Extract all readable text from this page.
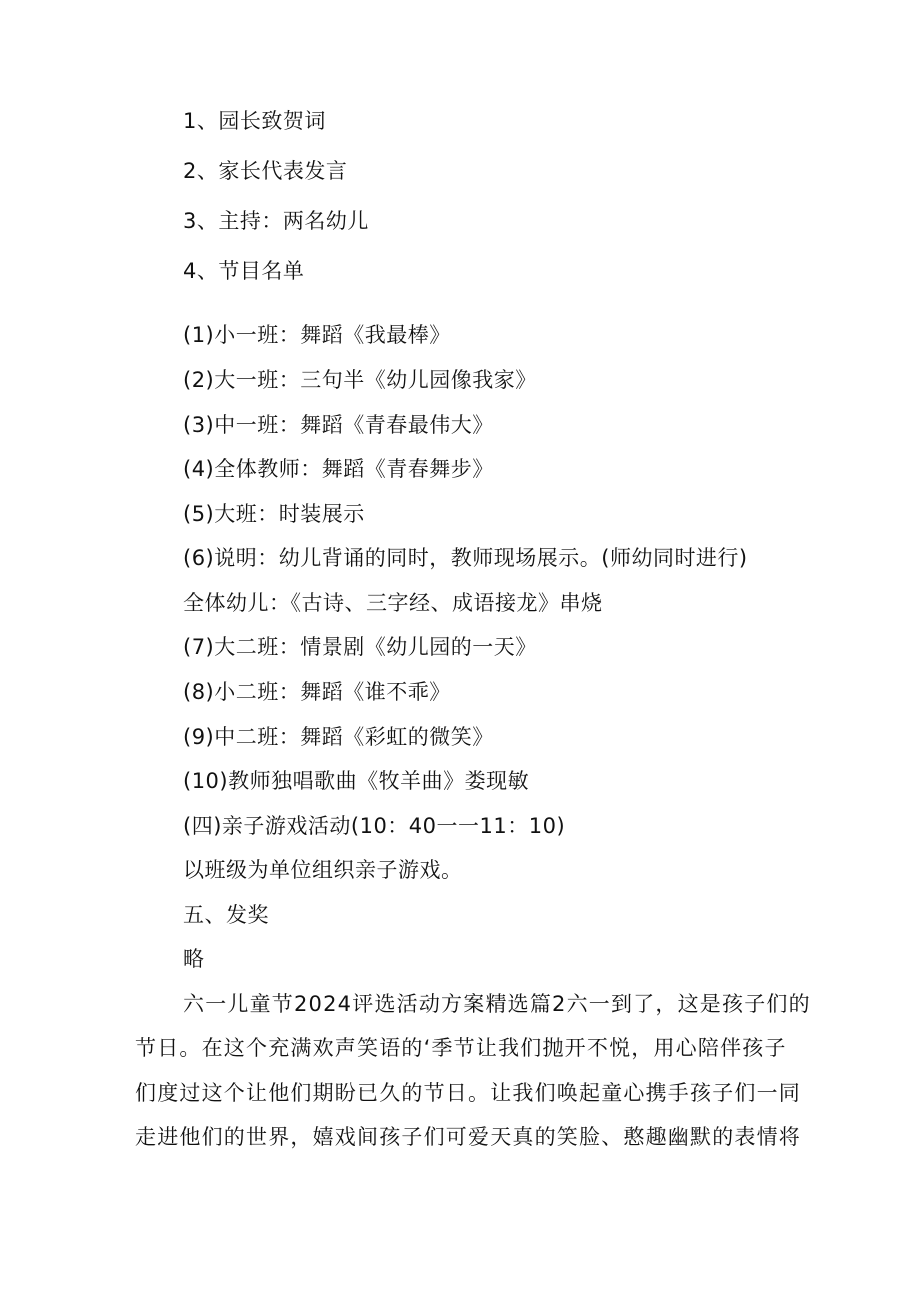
1、园长致贺词
2、家长代表发言
3、主持：两名幼儿
4、节目名单
(1)小一班：舞蹈《我最棒》
(2)大一班：三句半《幼儿园像我家》
(3)中一班：舞蹈《青春最伟大》
(4)全体教师：舞蹈《青春舞步》
(5)大班：时装展示
(6)说明：幼儿背诵的同时，教师现场展示。(师幼同时进行)
全体幼儿：《古诗、三字经、成语接龙》串烧
(7)大二班：情景剧《幼儿园的一天》
(8)小二班：舞蹈《谁不乖》
(9)中二班：舞蹈《彩虹的微笑》
(10)教师独唱歌曲《牧羊曲》娄现敏
(四)亲子游戏活动(10：40一一11：10)
以班级为单位组织亲子游戏。
五、发奖
略
六一儿童节2024评选活动方案精选篇2六一到了，这是孩子们的
节日。在这个充满欢声笑语的‘季节让我们抛开不悦，用心陪伴孩子
们度过这个让他们期盼已久的节日。让我们唤起童心携手孩子们一同
走进他们的世界，嬉戏间孩子们可爱天真的笑脸、憨趣幽默的表情将
